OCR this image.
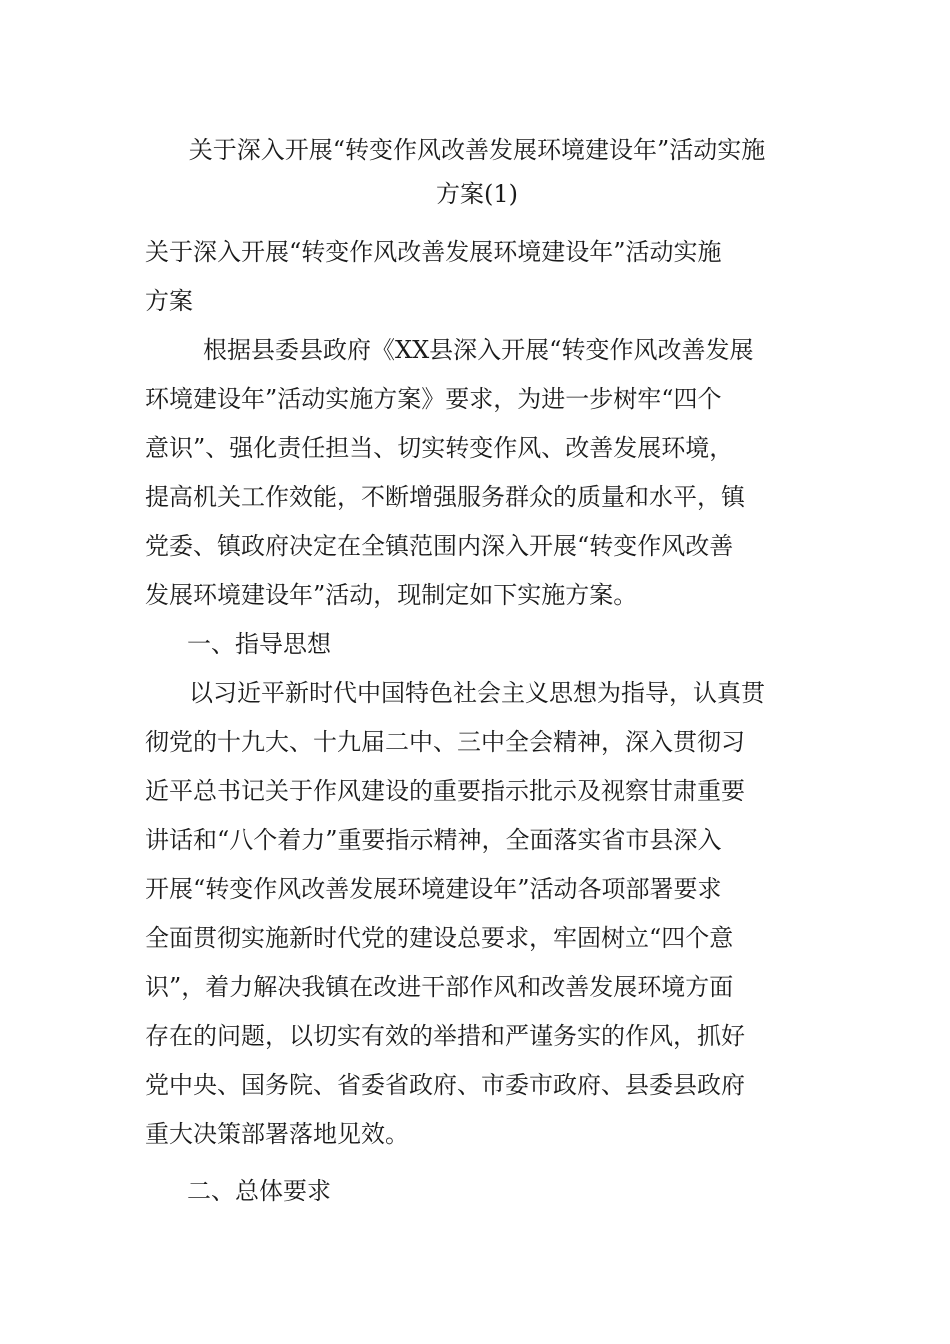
关于深入开展“转变作风改善发展环境建设年”活动实施
方案(1)
关于深入开展“转变作风改善发展环境建设年”活动实施
方案
根据县委县政府《XX县深入开展“转变作风改善发展
环境建设年”活动实施方案》要求，为进一步树牢“四个
意识”、强化责任担当、切实转变作风、改善发展环境，
提高机关工作效能，不断增强服务群众的质量和水平，镇
党委、镇政府决定在全镇范围内深入开展“转变作风改善
发展环境建设年”活动，现制定如下实施方案。
一、指导思想
以习近平新时代中国特色社会主义思想为指导，认真贯
彻党的十九大、十九届二中、三中全会精神，深入贯彻习
近平总书记关于作风建设的重要指示批示及视察甘肃重要
讲话和“八个着力”重要指示精神，全面落实省市县深入
开展“转变作风改善发展环境建设年”活动各项部署要求
全面贯彻实施新时代党的建设总要求，牢固树立“四个意
识”，着力解决我镇在改进干部作风和改善发展环境方面
存在的问题，以切实有效的举措和严谨务实的作风，抓好
党中央、国务院、省委省政府、市委市政府、县委县政府
重大决策部署落地见效。
二、总体要求
